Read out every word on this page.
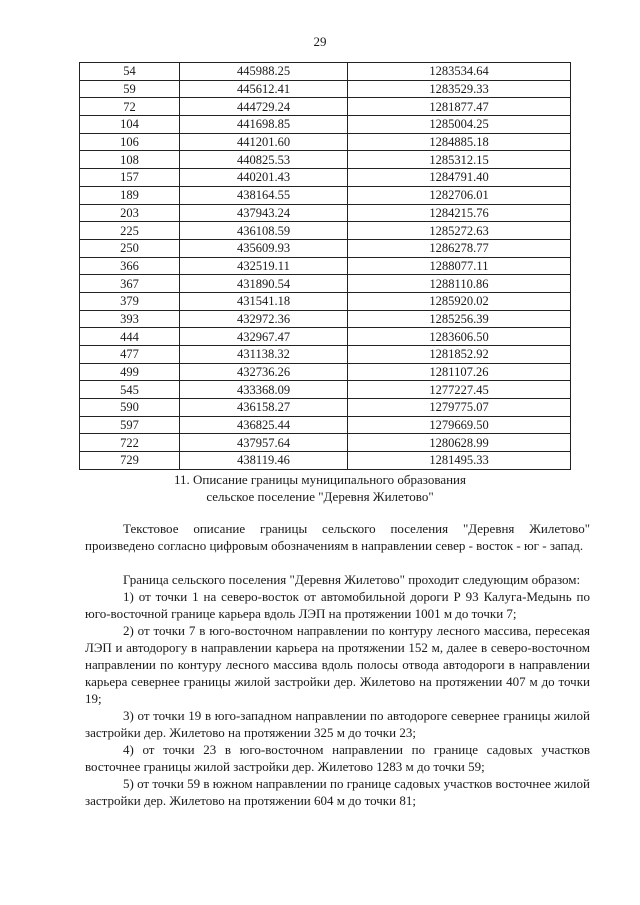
29
54	445988.25	1283534.64
59	445612.41	1283529.33
72	444729.24	1281877.47
104	441698.85	1285004.25
106	441201.60	1284885.18
108	440825.53	1285312.15
157	440201.43	1284791.40
189	438164.55	1282706.01
203	437943.24	1284215.76
225	436108.59	1285272.63
250	435609.93	1286278.77
366	432519.11	1288077.11
367	431890.54	1288110.86
379	431541.18	1285920.02
393	432972.36	1285256.39
444	432967.47	1283606.50
477	431138.32	1281852.92
499	432736.26	1281107.26
545	433368.09	1277227.45
590	436158.27	1279775.07
597	436825.44	1279669.50
722	437957.64	1280628.99
729	438119.46	1281495.33
11. Описание границы муниципального образования
сельское поселение "Деревня Жилетово"

Текстовое описание границы сельского поселения "Деревня Жилетово" произведено согласно цифровым обозначениям в направлении север - восток - юг - запад.

Граница сельского поселения "Деревня Жилетово" проходит следующим образом:

1) от точки 1 на северо-восток от автомобильной дороги Р 93 Калуга-Медынь по юго-восточной границе карьера вдоль ЛЭП на протяжении 1001 м до точки 7;

2) от точки 7 в юго-восточном направлении по контуру лесного массива, пересекая ЛЭП и автодорогу в направлении карьера на протяжении 152 м, далее в северо-восточном направлении по контуру лесного массива вдоль полосы отвода автодороги в направлении карьера севернее границы жилой застройки дер. Жилетово на протяжении 407 м до точки 19;

3) от точки 19 в юго-западном направлении по автодороге севернее границы жилой застройки дер. Жилетово на протяжении 325 м до точки 23;

4) от точки 23 в юго-восточном направлении по границе садовых участков восточнее границы жилой застройки дер. Жилетово 1283 м до точки 59;

5) от точки 59 в южном направлении по границе садовых участков восточнее жилой застройки дер. Жилетово на протяжении 604 м до точки 81;
